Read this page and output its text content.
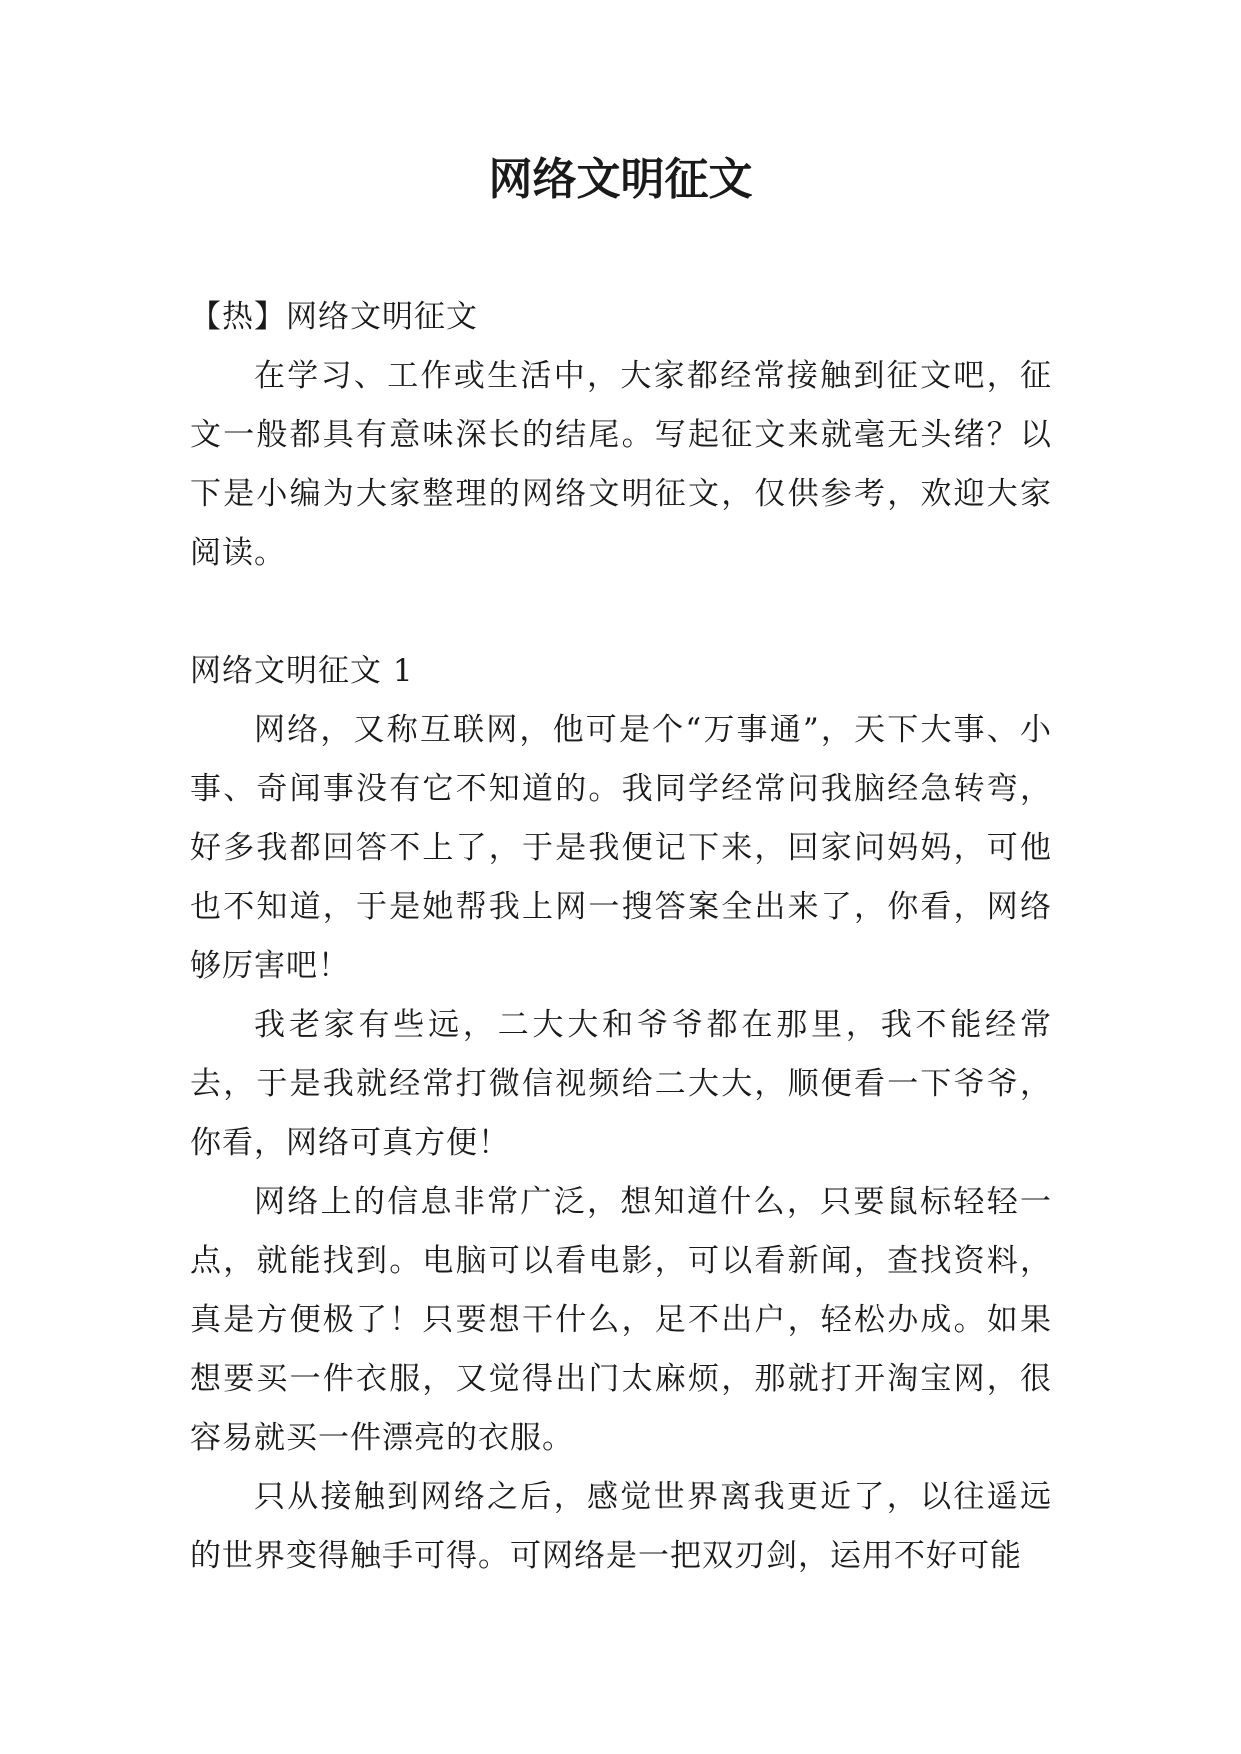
网络文明征文

【热】网络文明征文

在学习、工作或生活中，大家都经常接触到征文吧，征文一般都具有意味深长的结尾。写起征文来就毫无头绪？以下是小编为大家整理的网络文明征文，仅供参考，欢迎大家阅读。

网络文明征文 1

网络，又称互联网，他可是个“万事通”，天下大事、小事、奇闻事没有它不知道的。我同学经常问我脑经急转弯，好多我都回答不上了，于是我便记下来，回家问妈妈，可他也不知道，于是她帮我上网一搜答案全出来了，你看，网络够厉害吧！

我老家有些远，二大大和爷爷都在那里，我不能经常去，于是我就经常打微信视频给二大大，顺便看一下爷爷，你看，网络可真方便！

网络上的信息非常广泛，想知道什么，只要鼠标轻轻一点，就能找到。电脑可以看电影，可以看新闻，查找资料，真是方便极了！只要想干什么，足不出户，轻松办成。如果想要买一件衣服，又觉得出门太麻烦，那就打开淘宝网，很容易就买一件漂亮的衣服。

只从接触到网络之后，感觉世界离我更近了，以往遥远的世界变得触手可得。可网络是一把双刃剑，运用不好可能
